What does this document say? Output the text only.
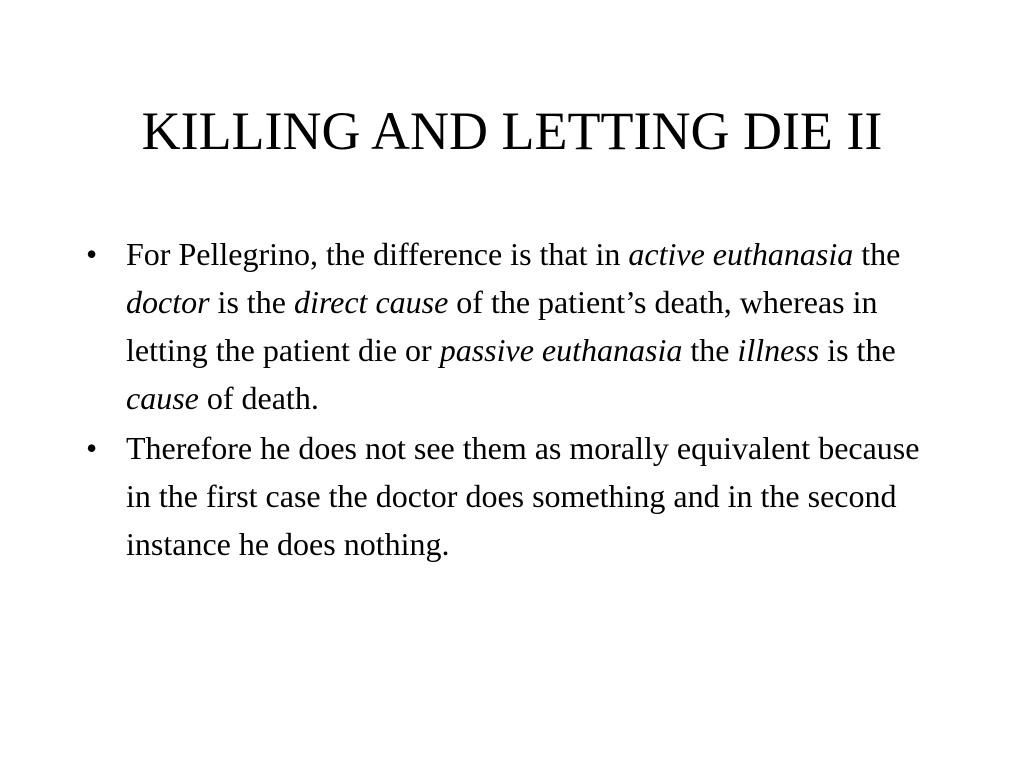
KILLING AND LETTING DIE II
• For Pellegrino, the difference is that in active euthanasia the doctor is the direct cause of the patient’s death, whereas in letting the patient die or passive euthanasia the illness is the cause of death.
• Therefore he does not see them as morally equivalent because in the first case the doctor does something and in the second instance he does nothing.
